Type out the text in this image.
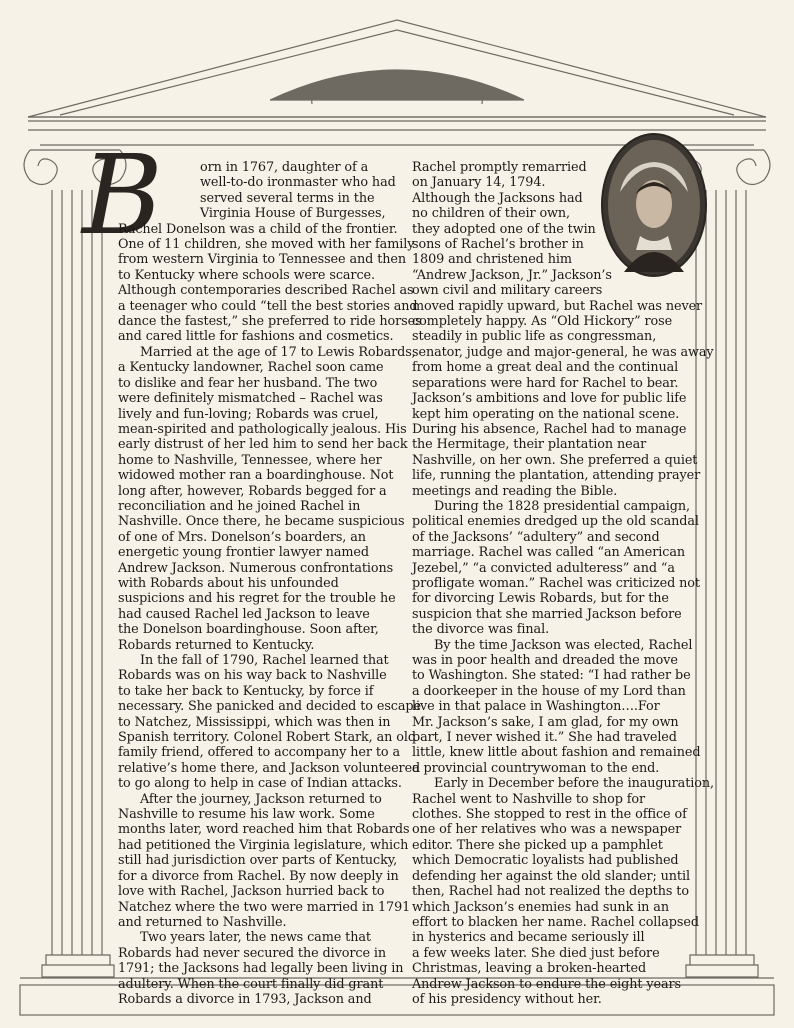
B	orn in 1767, daughter of a

well-to-do ironmaster who had

served several terms in the

Virginia House of Burgesses,

Rachel Donelson was a child of the frontier.

One of 11 children, she moved with her family

from western Virginia to Tennessee and then

to Kentucky where schools were scarce.

Although contemporaries described Rachel as

a teenager who could “tell the best stories and

dance the fastest,” she preferred to ride horses

and cared little for fashions and cosmetics.

Married at the age of 17 to Lewis Robards,

a Kentucky landowner, Rachel soon came

to dislike and fear her husband. The two

were definitely mismatched – Rachel was

lively and fun-loving; Robards was cruel,

mean-spirited and pathologically jealous. His

early distrust of her led him to send her back

home to Nashville, Tennessee, where her

widowed mother ran a boardinghouse. Not

long after, however, Robards begged for a

reconciliation and he joined Rachel in

Nashville. Once there, he became suspicious

of one of Mrs. Donelson’s boarders, an

energetic young frontier lawyer named

Andrew Jackson. Numerous confrontations

with Robards about his unfounded

suspicions and his regret for the trouble he

had caused Rachel led Jackson to leave

the Donelson boardinghouse. Soon after,

Robards returned to Kentucky.

In the fall of 1790, Rachel learned that

Robards was on his way back to Nashville

to take her back to Kentucky, by force if

necessary. She panicked and decided to escape

to Natchez, Mississippi, which was then in

Spanish territory. Colonel Robert Stark, an old

family friend, offered to accompany her to a

relative’s home there, and Jackson volunteered

to go along to help in case of Indian attacks.

After the journey, Jackson returned to

Nashville to resume his law work. Some

months later, word reached him that Robards

had petitioned the Virginia legislature, which

still had jurisdiction over parts of Kentucky,

for a divorce from Rachel. By now deeply in

love with Rachel, Jackson hurried back to

Natchez where the two were married in 1791

and returned to Nashville.

Two years later, the news came that

Robards had never secured the divorce in

1791; the Jacksons had legally been living in

adultery. When the court finally did grant

Robards a divorce in 1793, Jackson and

Rachel promptly remarried

on January 14, 1794.

Although the Jacksons had

no children of their own,

they adopted one of the twin

sons of Rachel’s brother in

1809 and christened him

“Andrew Jackson, Jr.” Jackson’s

own civil and military careers

moved rapidly upward, but Rachel was never

completely happy. As “Old Hickory” rose

steadily in public life as congressman,

senator, judge and major-general, he was away

from home a great deal and the continual

separations were hard for Rachel to bear.

Jackson’s ambitions and love for public life

kept him operating on the national scene.

During his absence, Rachel had to manage

the Hermitage, their plantation near

Nashville, on her own. She preferred a quiet

life, running the plantation, attending prayer

meetings and reading the Bible.

During the 1828 presidential campaign,

political enemies dredged up the old scandal

of the Jacksons’ “adultery” and second

marriage. Rachel was called “an American

Jezebel,” “a convicted adulteress” and “a

profligate woman.” Rachel was criticized not

for divorcing Lewis Robards, but for the

suspicion that she married Jackson before

the divorce was final.

By the time Jackson was elected, Rachel

was in poor health and dreaded the move

to Washington. She stated: “I had rather be

a doorkeeper in the house of my Lord than

live in that palace in Washington….For

Mr. Jackson’s sake, I am glad, for my own

part, I never wished it.” She had traveled

little, knew little about fashion and remained

a provincial countrywoman to the end.

Early in December before the inauguration,

Rachel went to Nashville to shop for

clothes. She stopped to rest in the office of

one of her relatives who was a newspaper

editor. There she picked up a pamphlet

which Democratic loyalists had published

defending her against the old slander; until

then, Rachel had not realized the depths to

which Jackson’s enemies had sunk in an

effort to blacken her name. Rachel collapsed

in hysterics and became seriously ill

a few weeks later. She died just before

Christmas, leaving a broken-hearted

Andrew Jackson to endure the eight years

of his presidency without her.
